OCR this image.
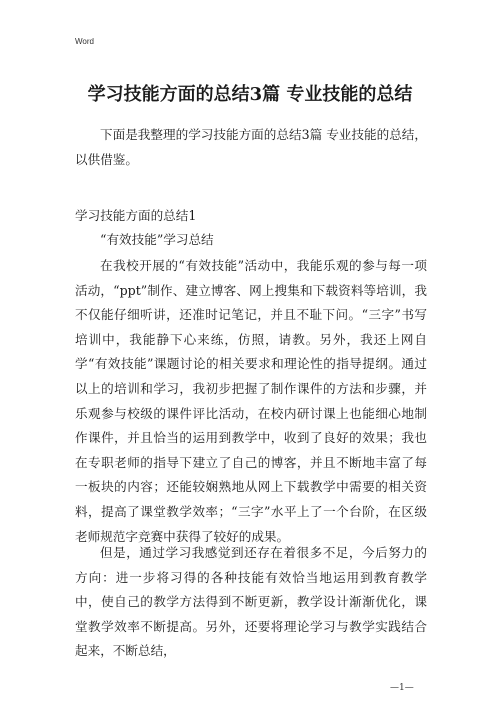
Word
学习技能方面的总结3篇 专业技能的总结

下面是我整理的学习技能方面的总结3篇 专业技能的总结，以供借鉴。

学习技能方面的总结1
“有效技能”学习总结

在我校开展的“有效技能”活动中，我能乐观的参与每一项活动，“ppt”制作、建立博客、网上搜集和下载资料等培训，我不仅能仔细听讲，还准时记笔记，并且不耻下问。“三字”书写培训中，我能静下心来练，仿照，请教。另外，我还上网自学“有效技能”课题讨论的相关要求和理论性的指导提纲。通过以上的培训和学习，我初步把握了制作课件的方法和步骤，并乐观参与校级的课件评比活动，在校内研讨课上也能细心地制作课件，并且恰当的运用到教学中，收到了良好的效果；我也在专职老师的指导下建立了自己的博客，并且不断地丰富了每一板块的内容；还能较娴熟地从网上下载教学中需要的相关资料，提高了课堂教学效率；“三字”水平上了一个台阶，在区级老师规范字竞赛中获得了较好的成果。

但是，通过学习我感觉到还存在着很多不足，今后努力的方向：进一步将习得的各种技能有效恰当地运用到教育教学中，使自己的教学方法得到不断更新，教学设计渐渐优化，课堂教学效率不断提高。另外，还要将理论学习与教学实践结合起来，不断总结，

—1—
